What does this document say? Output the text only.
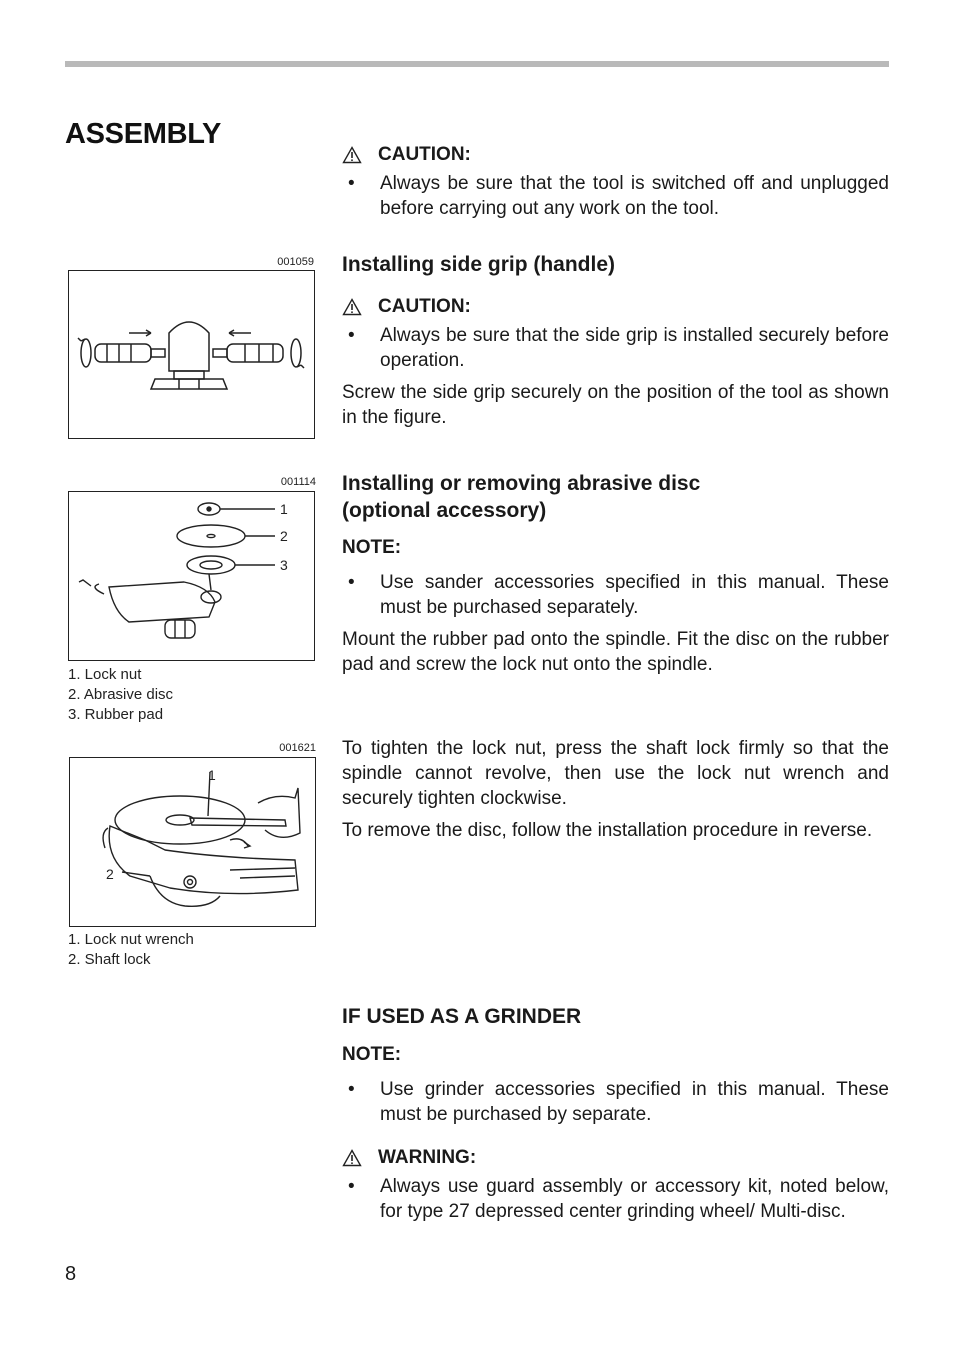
ASSEMBLY
CAUTION:
•	Always be sure that the tool is switched off and unplugged before carrying out any work on the tool.
001059 Installing side grip (handle)
CAUTION:
•	Always be sure that the side grip is installed securely before operation.
Screw the side grip securely on the position of the tool as shown in the figure.
001114
1
2
3
1. Lock nut
2. Abrasive disc
3. Rubber pad
Installing or removing abrasive disc
(optional accessory)
NOTE:
•	Use sander accessories specified in this manual. These must be purchased separately.
Mount the rubber pad onto the spindle. Fit the disc on the rubber pad and screw the lock nut onto the spindle.
To tighten the lock nut, press the shaft lock firmly so that the spindle cannot revolve, then use the lock nut wrench and securely tighten clockwise.
To remove the disc, follow the installation procedure in reverse.
001621
1
2
1. Lock nut wrench
2. Shaft lock
IF USED AS A GRINDER
NOTE:
•	Use grinder accessories specified in this manual. These must be purchased by separate.
WARNING:
•	Always use guard assembly or accessory kit, noted below, for type 27 depressed center grinding wheel/ Multi-disc.
8
